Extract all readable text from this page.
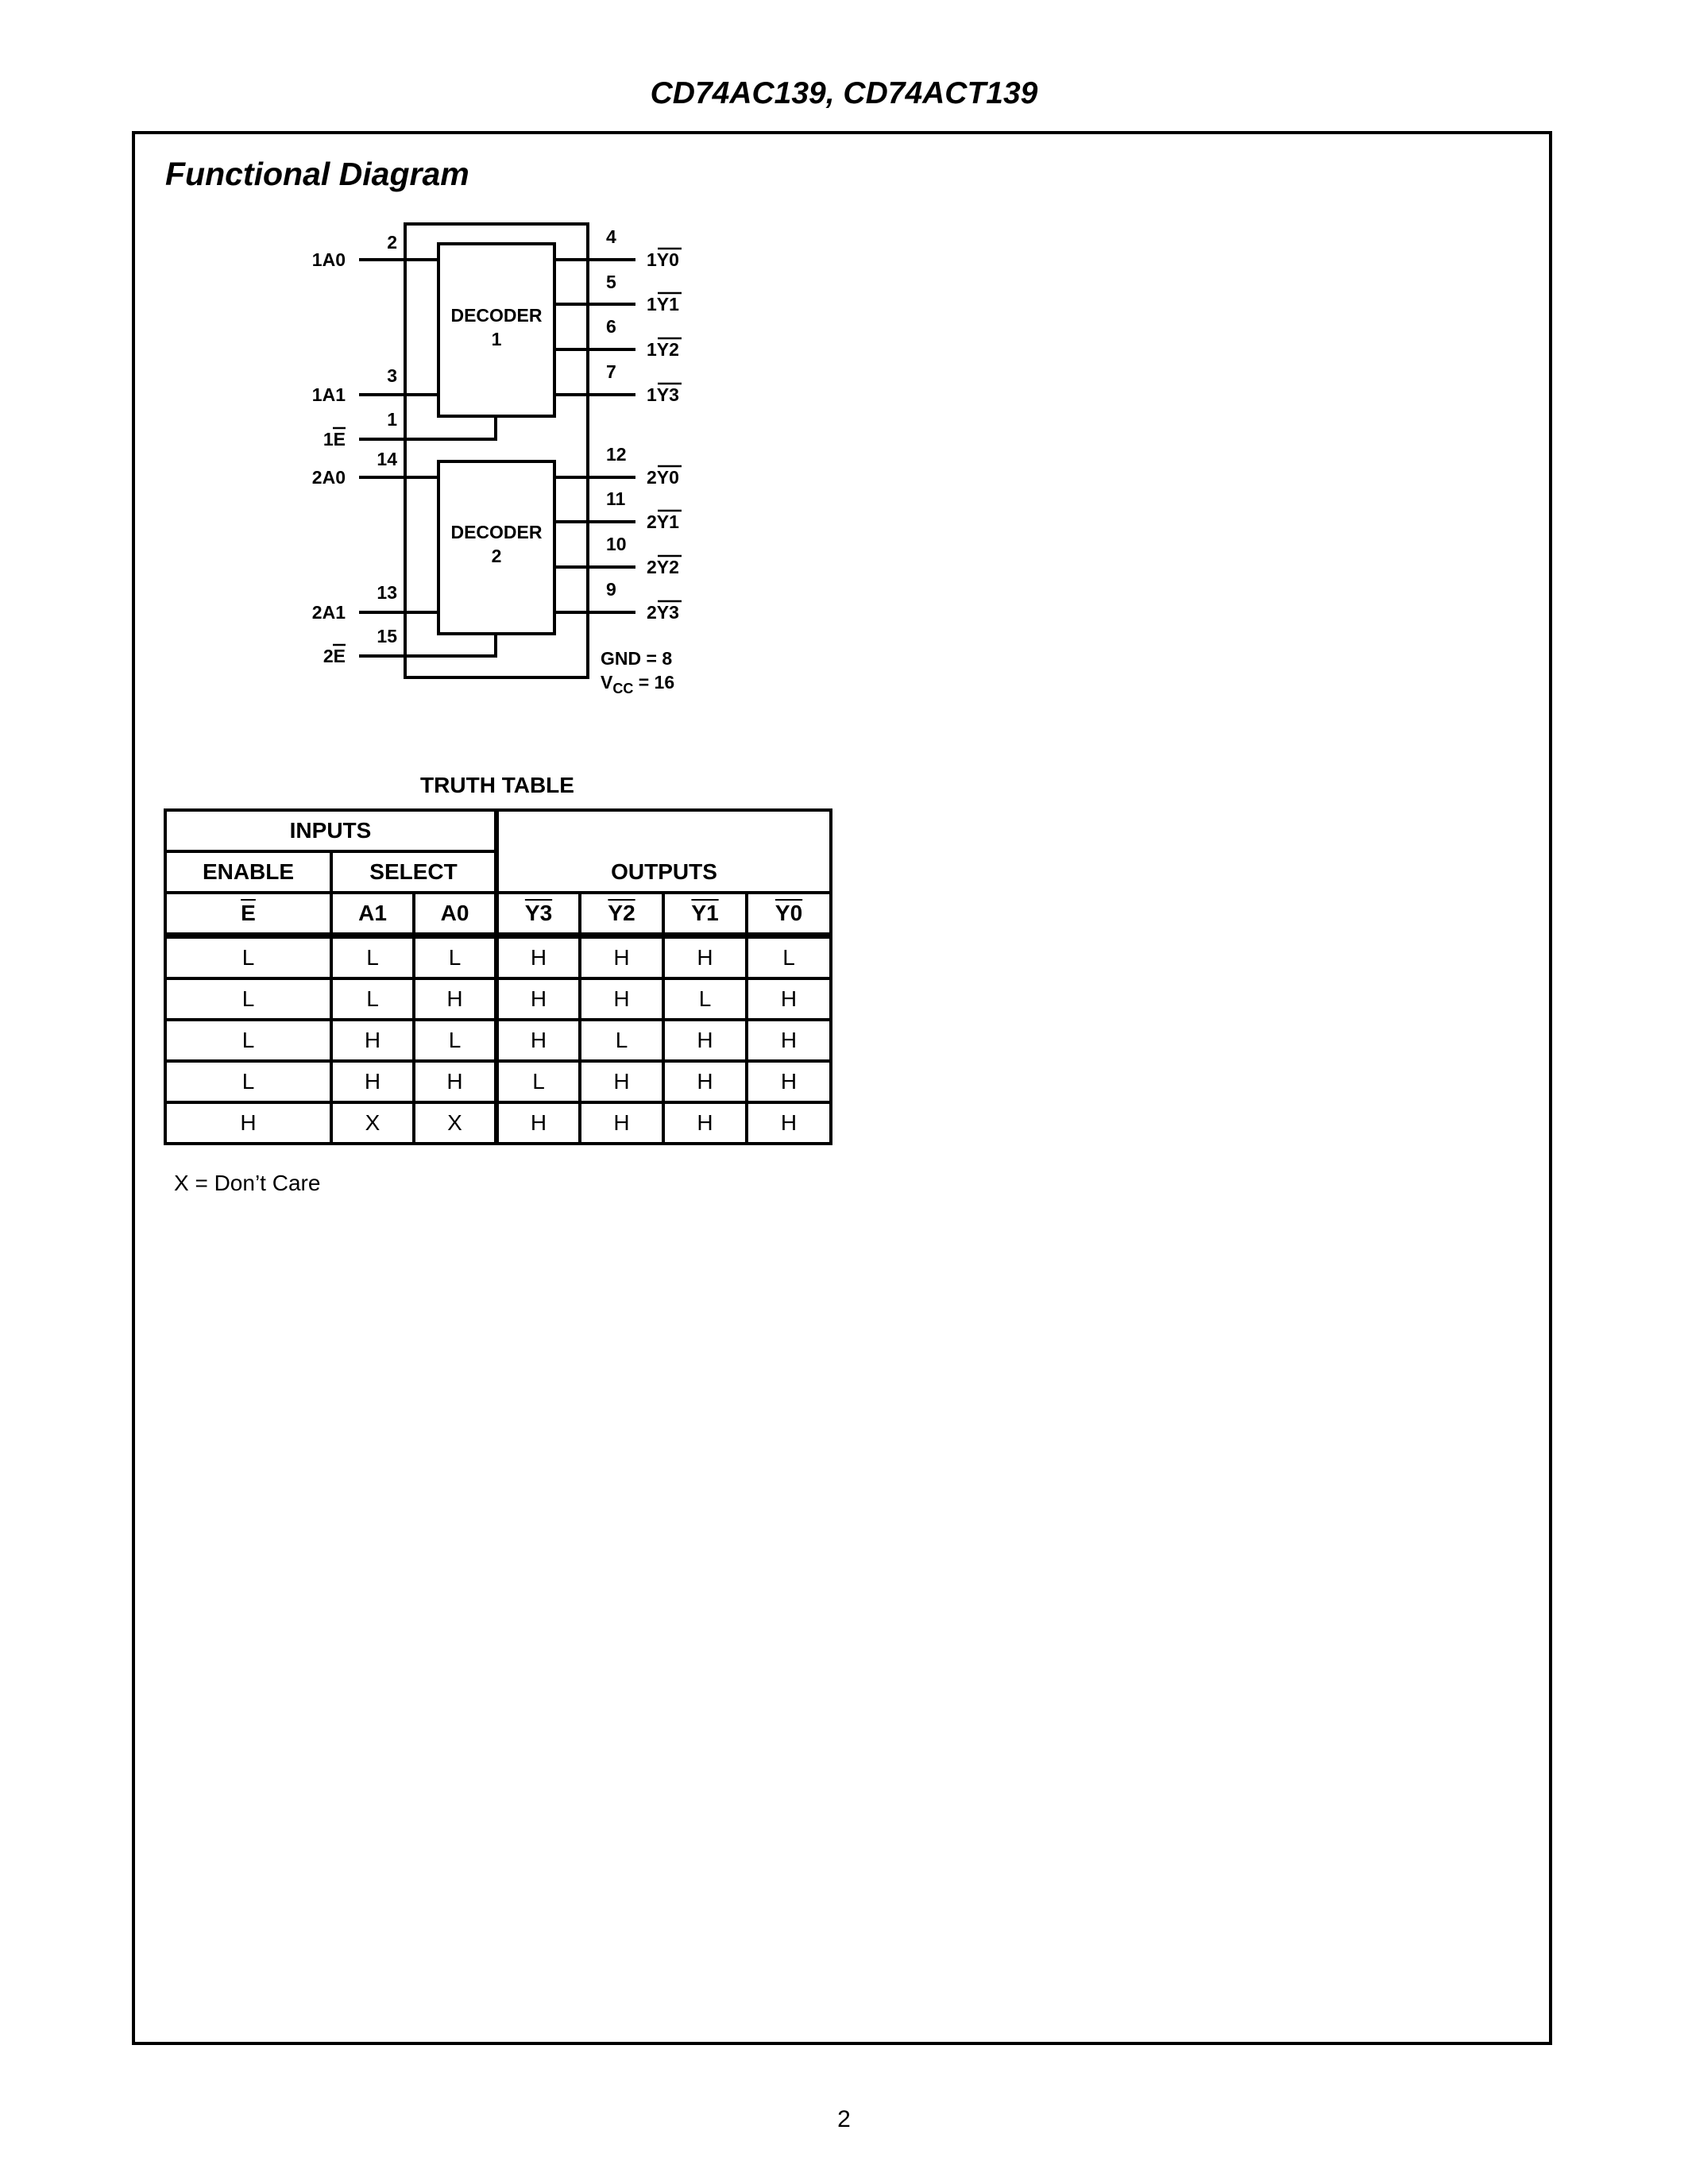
CD74AC139, CD74ACT139
Functional Diagram
DECODER
1
DECODER
2
1A0
1A1
1E
2A0
2A1
2E
2
3
1
14
13
15
4
5
6
7
12
11
10
9
1Y0
1Y1
1Y2
1Y3
2Y0
2Y1
2Y2
2Y3
GND = 8
$V_{CC} = 16$
TRUTH TABLE
INPUTS			OUTPUTS			
ENABLE	SELECT					
$\overline{E}$	A1	A0	Y3	Y2	Y1	Y0
L	L	L	H	H	H	L
L	L	H	H	H	L	H
L	H	L	H	L	H	H
L	H	H	L	H	H	H
H	X	X	H	H	H	H
X = Don’t Care
2
